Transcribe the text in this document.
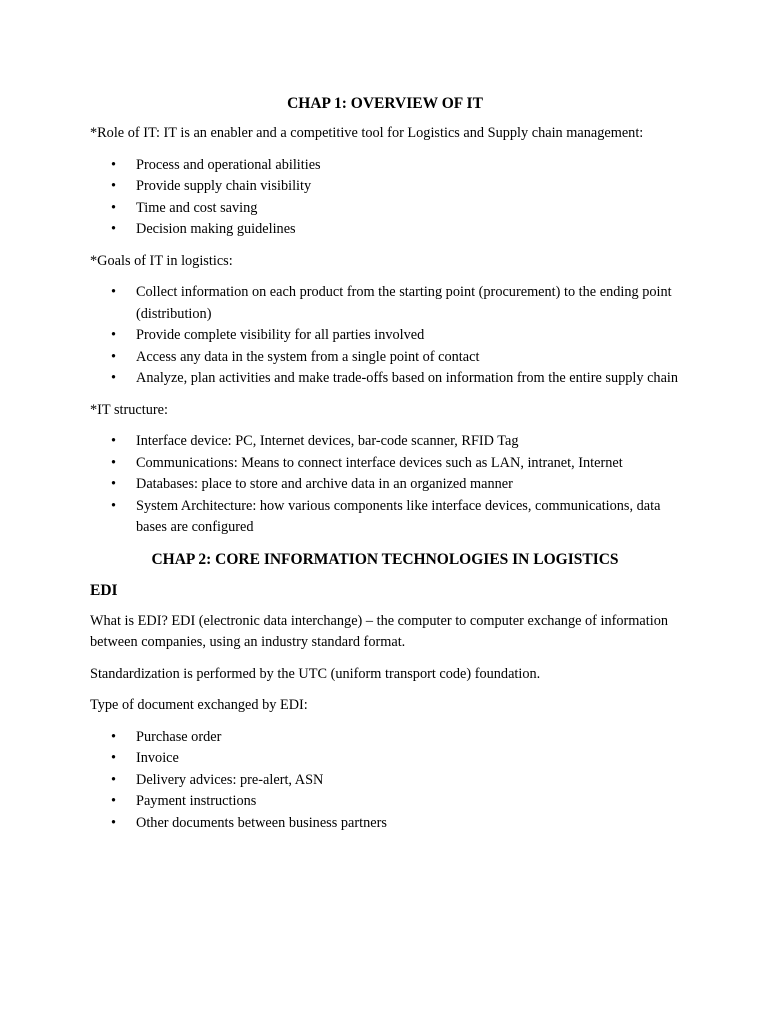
CHAP 1: OVERVIEW OF IT

*Role of IT: IT is an enabler and a competitive tool for Logistics and Supply chain management:

• Process and operational abilities
• Provide supply chain visibility
• Time and cost saving
• Decision making guidelines

*Goals of IT in logistics:

• Collect information on each product from the starting point (procurement) to the ending point (distribution)
• Provide complete visibility for all parties involved
• Access any data in the system from a single point of contact
• Analyze, plan activities and make trade-offs based on information from the entire supply chain

*IT structure:

• Interface device: PC, Internet devices, bar-code scanner, RFID Tag
• Communications: Means to connect interface devices such as LAN, intranet, Internet
• Databases: place to store and archive data in an organized manner
• System Architecture: how various components like interface devices, communications, data bases are configured
CHAP 2: CORE INFORMATION TECHNOLOGIES IN LOGISTICS
EDI

What is EDI? EDI (electronic data interchange) – the computer to computer exchange of information between companies, using an industry standard format.

Standardization is performed by the UTC (uniform transport code) foundation.

Type of document exchanged by EDI:

• Purchase order
• Invoice
• Delivery advices: pre-alert, ASN
• Payment instructions
• Other documents between business partners
